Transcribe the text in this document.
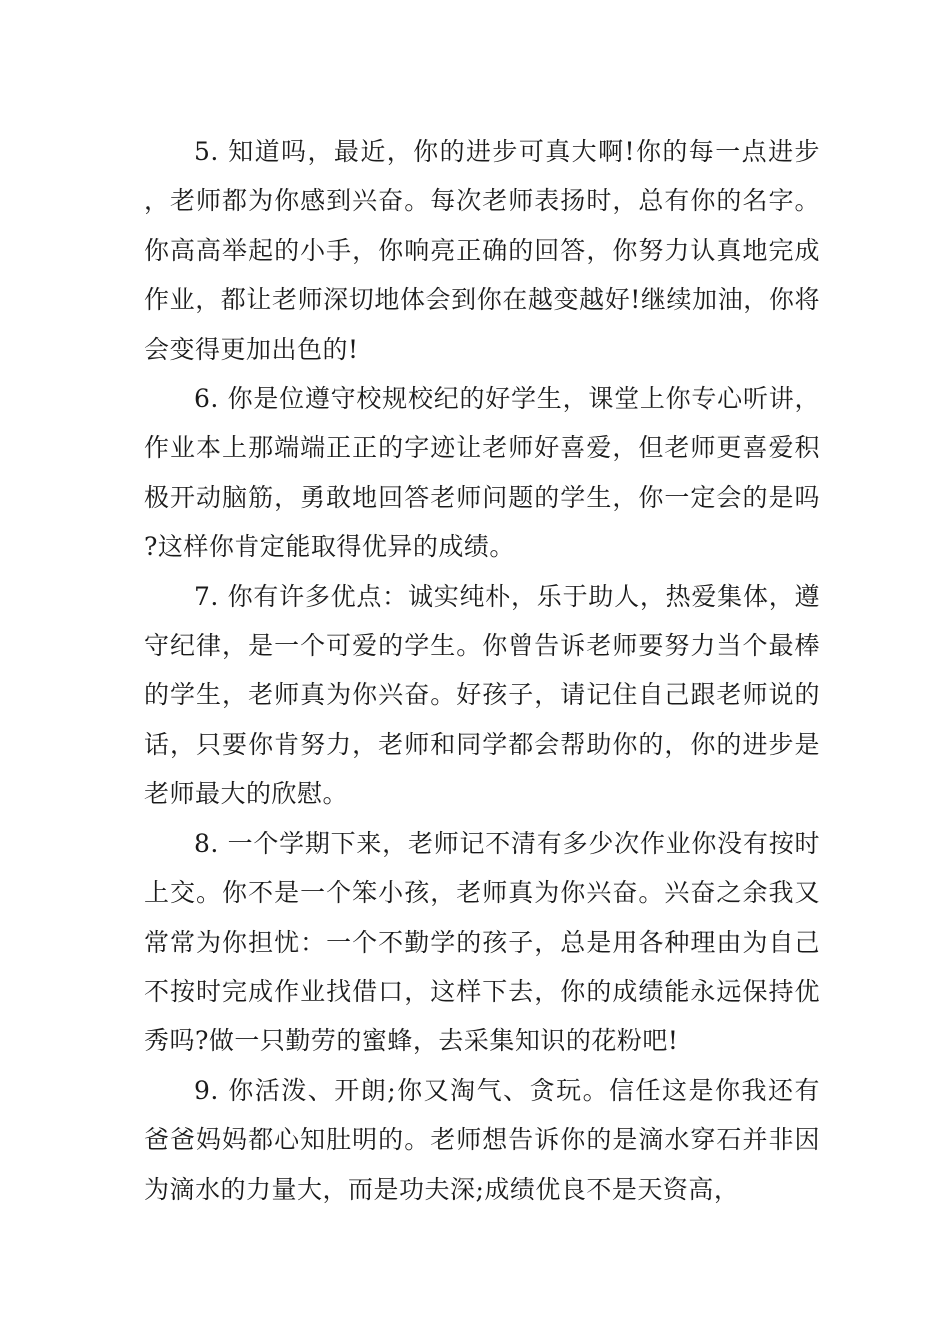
5. 知道吗，最近，你的进步可真大啊!你的每一点进步，老师都为你感到兴奋。每次老师表扬时，总有你的名字。你高高举起的小手，你响亮正确的回答，你努力认真地完成作业，都让老师深切地体会到你在越变越好!继续加油，你将会变得更加出色的!

6. 你是位遵守校规校纪的好学生，课堂上你专心听讲，作业本上那端端正正的字迹让老师好喜爱，但老师更喜爱积极开动脑筋，勇敢地回答老师问题的学生，你一定会的是吗?这样你肯定能取得优异的成绩。

7. 你有许多优点：诚实纯朴，乐于助人，热爱集体，遵守纪律，是一个可爱的学生。你曾告诉老师要努力当个最棒的学生，老师真为你兴奋。好孩子，请记住自己跟老师说的话，只要你肯努力，老师和同学都会帮助你的，你的进步是老师最大的欣慰。

8. 一个学期下来，老师记不清有多少次作业你没有按时上交。你不是一个笨小孩，老师真为你兴奋。兴奋之余我又常常为你担忧：一个不勤学的孩子，总是用各种理由为自己不按时完成作业找借口，这样下去，你的成绩能永远保持优秀吗?做一只勤劳的蜜蜂，去采集知识的花粉吧!

9. 你活泼、开朗;你又淘气、贪玩。信任这是你我还有爸爸妈妈都心知肚明的。老师想告诉你的是滴水穿石并非因为滴水的力量大，而是功夫深;成绩优良不是天资高，
